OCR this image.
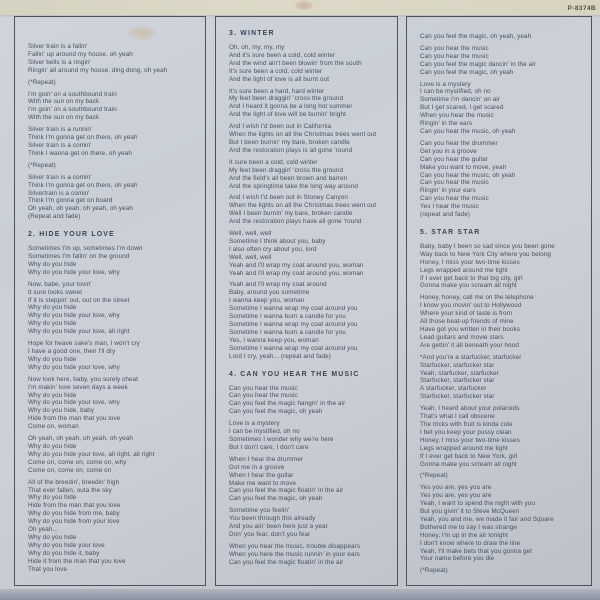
P-8374B
Silver train is a fallin'
Fallin' up around my house, oh yeah
Silver bells is a ringin'
Ringin' all around my house, ding dong, oh yeah
(*Repeat)
I'm goin' on a southbound train
With the sun on my back
I'm goin' on a southbound train
With the sun on my back
Silver train is a runnin'
Think I'm gonna get on there, oh yeah
Silver train is a comin'
Think I wanna get on there, oh yeah
(*Repeat)
Silver train is a comin'
Think I'm gonna get on there, oh yeah
Silvertrain is a comin'
Think I'm gonna get on board
Oh yeah, oh yeah, oh yeah, oh yeah
(Repeat and fade)
2. HIDE YOUR LOVE
Sometimes I'm up, sometimes I'm down
Sometimes I'm fallin' on the ground
Why do you hide
Why do you hide your love, why
Now, babe, your lovin'
It sure looks sweet
If it is steppin' out, out on the street
Why do you hide
Why do you hide your love, why
Why do you hide
Why do you hide your love, all right
Hope for heave sake's man, I won't cry
I have a good one, then I'll dry
Why do you hide
Why do you hide your love, why
Now look here, baby, you surely cheat
I'm makin' love seven days a week
Why do you hide
Why do you hide your love, why
Why do you hide, baby
Hide from the man that you love
Come on, woman
Oh yeah, oh yeah, oh yeah, oh yeah
Why do you hide
Why do you hide your love, all right, all right
Come on, come on, come on, why
Come on, come on, come on
All of the breedin', breedin' high
That ever fallen, outa the sky
Why do you hide
Hide from the man that you love
Why do you hide from me, baby
Why do you hide from your love
Oh yeah...
Why do you hide
Why do you hide your love
Why do you hide it, baby
Hide it from the man that you love
That you love
3. WINTER
Oh, oh, my, my, my
And it's sure been a cold, cold winter
And the wind ain't been blowin' from the south
It's sure been a cold, cold winter
And the light of love is all burnt out
It's sure been a hard, hard winter
My feet been draggin' 'cross the ground
And I heard it gonna be a long hot summer
And the light of love will be burnin' bright
And I wish I'd been out in California
When the lights on all the Christmas trees went out
But I been burnin' my bare, broken candle
And the restoration plays is all gone 'round
It sure been a cold, cold winter
My feet been draggin' 'cross the ground
And the field's all been brown and barren
And the springtime take the long way around
And I wish I'd been out in Stoney Canyon
When the lights on all the Christmas trees went out
Well I been burnin' my bare, broken candle
And the restoration plays have all gone 'round
Well, well, well
Sometime I think about you, baby
I also often cry about you, lord
Well, well, well
Yeah and I'll wrap my coat around you, woman
Yeah and I'll wrap my coat around you, woman
Yeah and I'll wrap my coat around
Baby, around you sometime
I wanna keep you, woman
Sometime I wanna wrap my coat around you
Sometime I wanna burn a candle for you
Sometime I wanna wrap my coat around you
Sometime I wanna burn a candle for you
Yes, I wanna keep you, woman
Sometime I wanna wrap my coat around you
Lord I cry, yeah... (repeat and fade)
4. CAN YOU HEAR THE MUSIC
Can you hear the music
Can you hear the music
Can you feel the magic hangin' in the air
Can you feel the magic, oh yeah
Love is a mystery
I can be mystified, oh no
Sometimes I wonder why we're here
But I don't care, I don't care
When I hear the drummer
Got me in a groove
When I hear the guitar
Make me want to move
Can you feel the magic floatin' in the air
Can you feel the magic, oh yeah
Sometime you feelin'
You been through this already
And you ain' been here just a year
Don' you fear, don't you fear
When you hear the music, trouble disappears
When you here the music runnin' in your ears
Can you feel the magic floatin' in the air
Can you feel the magic, oh yeah, yeah
Can you hear the music
Can you hear the music
Can you feel the magic dancin' in the air
Can you feel the magic, oh yeah
Love is a mystery
I can be mystified, oh no
Sometime I'm dancin' on air
But I get scared, I get scared
When you hear the music
Ringin' in the ears
Can you hear the music, oh yeah
Can you hear the drummer
Get you in a groove
Can you hear the guitar
Make you want to move, yeah
Can you hear the music, oh yeah
Can you hear the music
Ringin' in your ears
Can you hear the music
Yes I hear the music
(repeat and fade)
5. STAR STAR
Baby, baby I been so sad since you been gone
Way back to New York City where you belong
Honey, I miss your two-time kisses
Legs wrapped around me tight
If I ever get back to that big city, girl
Gonna make you scream all night
Honey, honey, call me on the telephone
I know you movin' out to Hollywood
Where your kind of taste is from
All those beat-up friends of mine
Have got you written in their books
Lead guitars and movie stars
Are gettin' it all beneath your hood
*And you're a starfucker, starfucker
Starfucker, starfucker star
Yeah, starfucker, starfucker
Starfucker, starfucker star
A starfucker, starfucker
Starfucker, starfucker star
Yeah, I heard about your polaroids
That's what I call obscene
The tricks with fruit is kinda cute
I bet you keep your pussy clean
Honey, I miss your two-time kisses
Legs wrapped around me tight
If I ever get back to New York, girl
Gonna make you scream all night
(*Repeat)
Yes you are, yes you are
Yes you are, yes you are
Yeah, I want to spend the night with you
But you givin' it to Steve McQueen
Yeah, you and me, we made it fair and Square
Bothered me to say I was strange
Honey, I'm up in the air tonight
I don't know where to draw the line
Yeah, I'll make bets that you gonna get
Your name before you die
(*Repeat)
